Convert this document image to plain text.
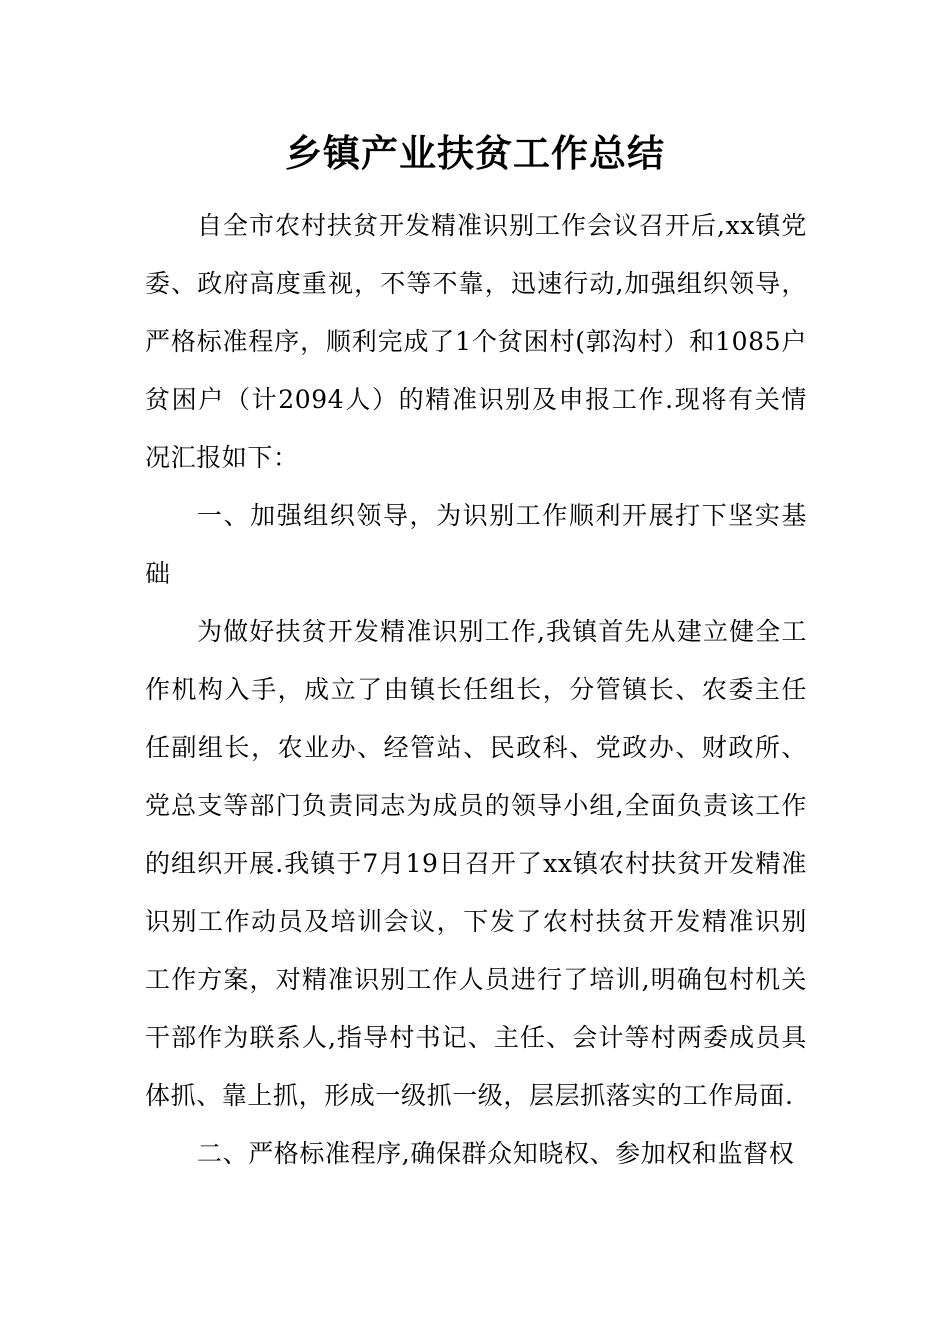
乡镇产业扶贫工作总结

自全市农村扶贫开发精准识别工作会议召开后,xx镇党委、政府高度重视，不等不靠，迅速行动,加强组织领导，严格标准程序，顺利完成了1个贫困村(郭沟村）和1085户贫困户（计2094人）的精准识别及申报工作.现将有关情况汇报如下：

一、加强组织领导，为识别工作顺利开展打下坚实基础

为做好扶贫开发精准识别工作,我镇首先从建立健全工作机构入手，成立了由镇长任组长，分管镇长、农委主任任副组长，农业办、经管站、民政科、党政办、财政所、党总支等部门负责同志为成员的领导小组,全面负责该工作的组织开展.我镇于7月19日召开了xx镇农村扶贫开发精准识别工作动员及培训会议，下发了农村扶贫开发精准识别工作方案，对精准识别工作人员进行了培训,明确包村机关干部作为联系人,指导村书记、主任、会计等村两委成员具体抓、靠上抓，形成一级抓一级，层层抓落实的工作局面.

二、严格标准程序,确保群众知晓权、参加权和监督权
